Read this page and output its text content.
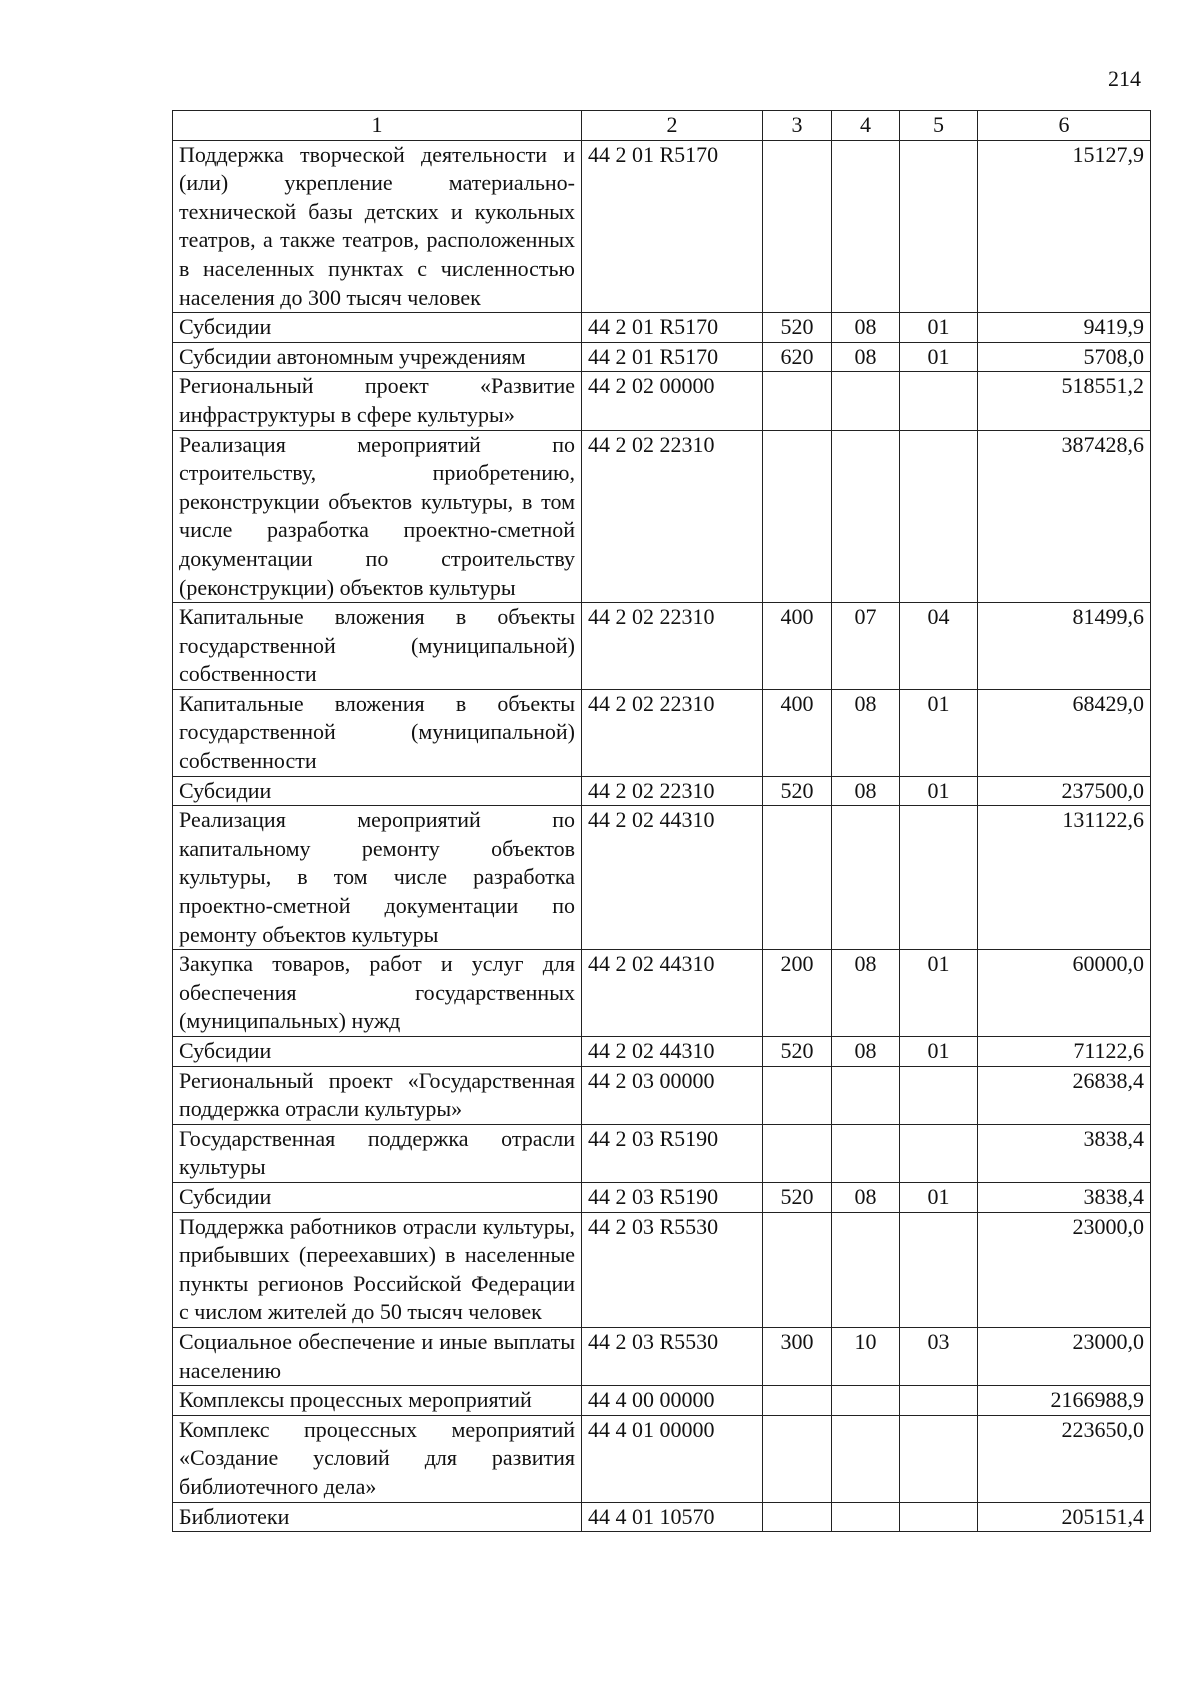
214
1	2	3	4	5	6
Поддержка творческой деятельности и (или) укрепление материально-технической базы детских и кукольных театров, а также театров, расположенных в населенных пунктах с численностью населения до 300 тысяч человек	44 2 01 R5170				15127,9
Субсидии	44 2 01 R5170	520	08	01	9419,9
Субсидии автономным учреждениям	44 2 01 R5170	620	08	01	5708,0
Региональный проект «Развитие инфраструктуры в сфере культуры»	44 2 02 00000				518551,2
Реализация мероприятий по строительству, приобретению, реконструкции объектов культуры, в том числе разработка проектно-сметной документации по строительству (реконструкции) объектов культуры	44 2 02 22310				387428,6
Капитальные вложения в объекты государственной (муниципальной) собственности	44 2 02 22310	400	07	04	81499,6
Капитальные вложения в объекты государственной (муниципальной) собственности	44 2 02 22310	400	08	01	68429,0
Субсидии	44 2 02 22310	520	08	01	237500,0
Реализация мероприятий по капитальному ремонту объектов культуры, в том числе разработка проектно-сметной документации по ремонту объектов культуры	44 2 02 44310				131122,6
Закупка товаров, работ и услуг для обеспечения государственных (муниципальных) нужд	44 2 02 44310	200	08	01	60000,0
Субсидии	44 2 02 44310	520	08	01	71122,6
Региональный проект «Государственная поддержка отрасли культуры»	44 2 03 00000				26838,4
Государственная поддержка отрасли культуры	44 2 03 R5190				3838,4
Субсидии	44 2 03 R5190	520	08	01	3838,4
Поддержка работников отрасли культуры, прибывших (переехавших) в населенные пункты регионов Российской Федерации с числом жителей до 50 тысяч человек	44 2 03 R5530				23000,0
Социальное обеспечение и иные выплаты населению	44 2 03 R5530	300	10	03	23000,0
Комплексы процессных мероприятий	44 4 00 00000				2166988,9
Комплекс процессных мероприятий «Создание условий для развития библиотечного дела»	44 4 01 00000				223650,0
Библиотеки	44 4 01 10570				205151,4
